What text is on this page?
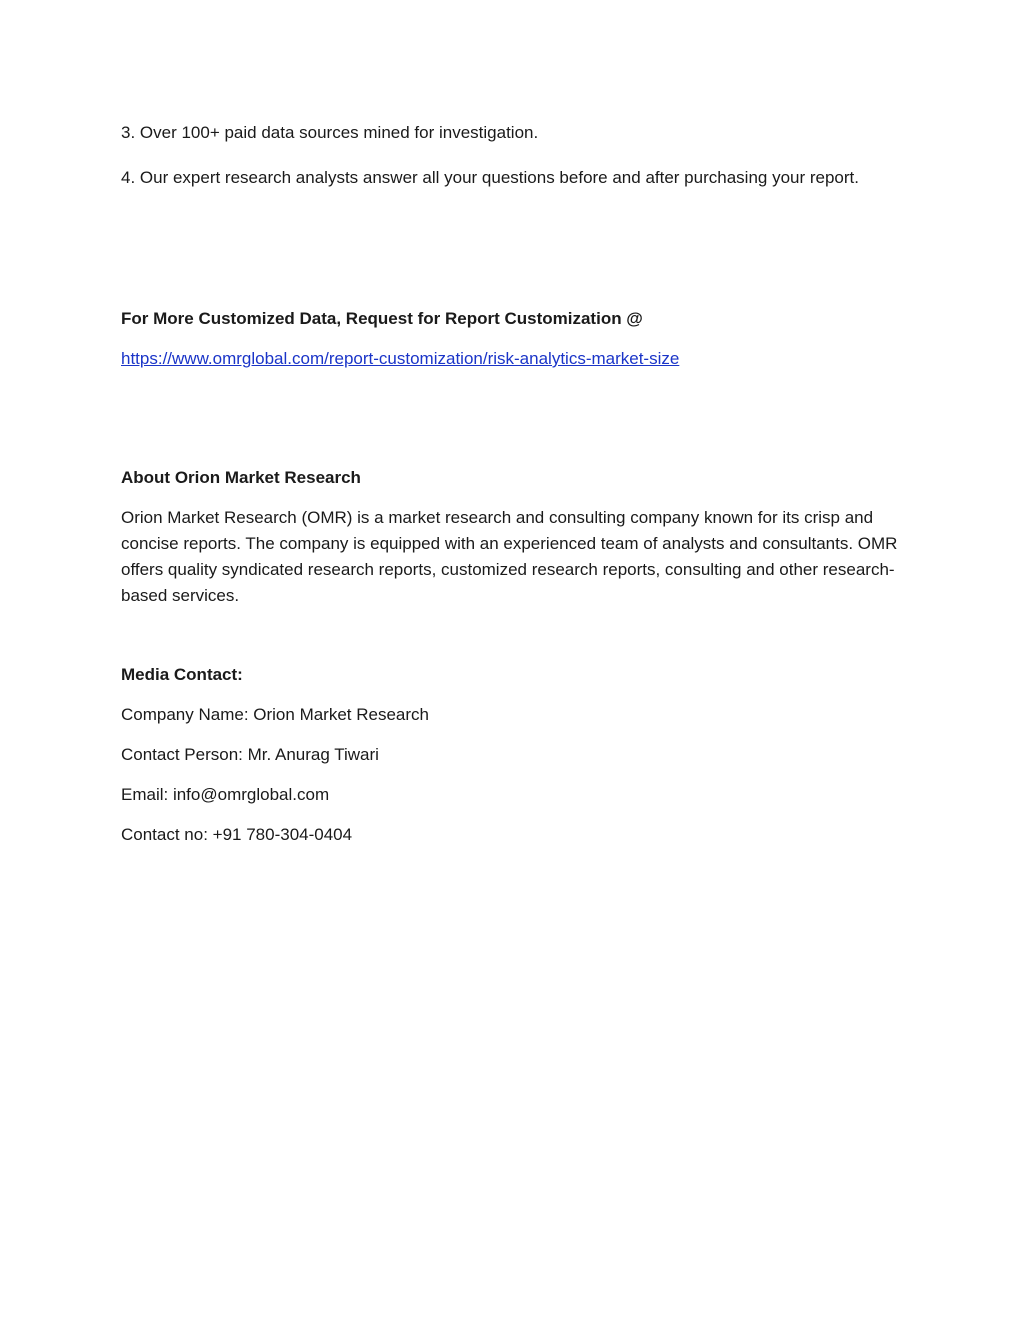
3. Over 100+ paid data sources mined for investigation.

4. Our expert research analysts answer all your questions before and after purchasing your report.

For More Customized Data, Request for Report Customization @

https://www.omrglobal.com/report-customization/risk-analytics-market-size

About Orion Market Research

Orion Market Research (OMR) is a market research and consulting company known for its crisp and concise reports. The company is equipped with an experienced team of analysts and consultants. OMR offers quality syndicated research reports, customized research reports, consulting and other research-based services.

Media Contact:

Company Name: Orion Market Research

Contact Person: Mr. Anurag Tiwari

Email: info@omrglobal.com

Contact no: +91 780-304-0404
